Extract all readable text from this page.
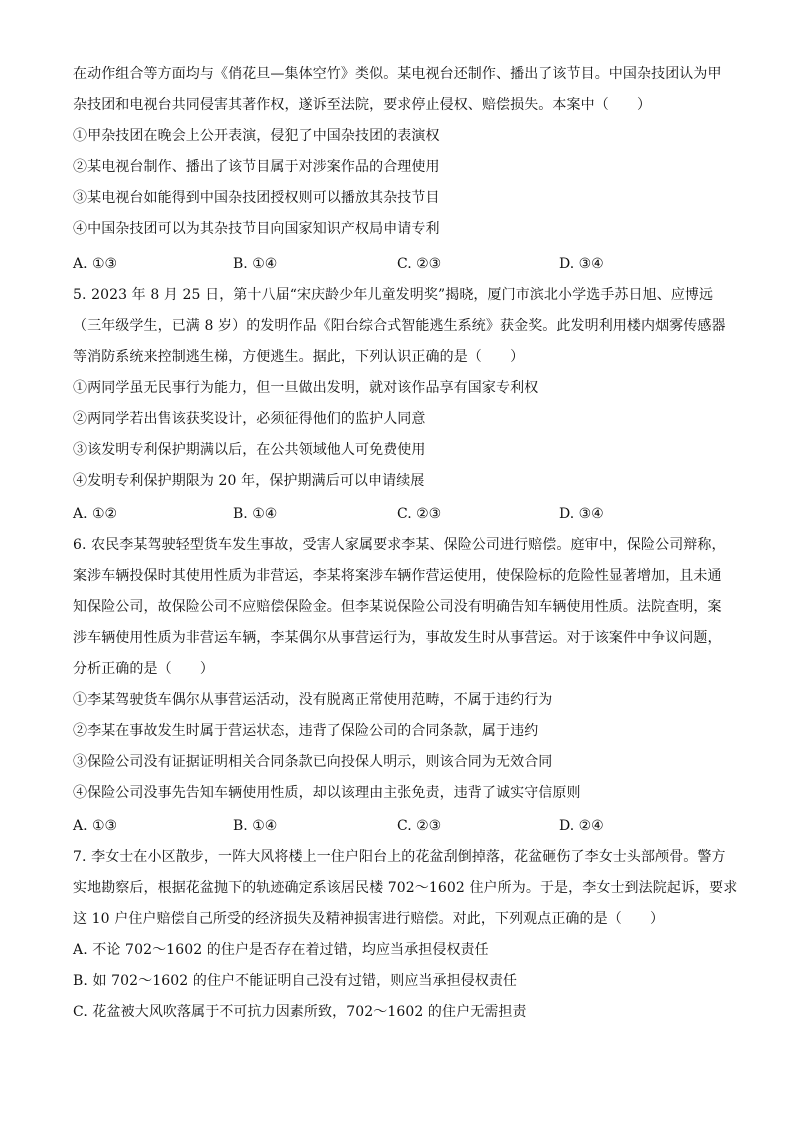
在动作组合等方面均与《俏花旦—集体空竹》类似。某电视台还制作、播出了该节目。中国杂技团认为甲
杂技团和电视台共同侵害其著作权，遂诉至法院，要求停止侵权、赔偿损失。本案中（　　）
①甲杂技团在晚会上公开表演，侵犯了中国杂技团的表演权
②某电视台制作、播出了该节目属于对涉案作品的合理使用
③某电视台如能得到中国杂技团授权则可以播放其杂技节目
④中国杂技团可以为其杂技节目向国家知识产权局申请专利
A. ①③	B. ①④	C. ②③	D. ③④
5. 2023 年 8 月 25 日，第十八届“宋庆龄少年儿童发明奖”揭晓，厦门市滨北小学选手苏日旭、应博远
（三年级学生，已满 8 岁）的发明作品《阳台综合式智能逃生系统》获金奖。此发明利用楼内烟雾传感器
等消防系统来控制逃生梯，方便逃生。据此，下列认识正确的是（　　）
①两同学虽无民事行为能力，但一旦做出发明，就对该作品享有国家专利权
②两同学若出售该获奖设计，必须征得他们的监护人同意
③该发明专利保护期满以后，在公共领域他人可免费使用
④发明专利保护期限为 20 年，保护期满后可以申请续展
A. ①②	B. ①④	C. ②③	D. ③④
6. 农民李某驾驶轻型货车发生事故，受害人家属要求李某、保险公司进行赔偿。庭审中，保险公司辩称，
案涉车辆投保时其使用性质为非营运，李某将案涉车辆作营运使用，使保险标的危险性显著增加，且未通
知保险公司，故保险公司不应赔偿保险金。但李某说保险公司没有明确告知车辆使用性质。法院查明，案
涉车辆使用性质为非营运车辆，李某偶尔从事营运行为，事故发生时从事营运。对于该案件中争议问题，
分析正确的是（　　）
①李某驾驶货车偶尔从事营运活动，没有脱离正常使用范畴，不属于违约行为
②李某在事故发生时属于营运状态，违背了保险公司的合同条款，属于违约
③保险公司没有证据证明相关合同条款已向投保人明示，则该合同为无效合同
④保险公司没事先告知车辆使用性质，却以该理由主张免责，违背了诚实守信原则
A. ①③	B. ①④	C. ②③	D. ②④
7. 李女士在小区散步，一阵大风将楼上一住户阳台上的花盆刮倒掉落，花盆砸伤了李女士头部颅骨。警方
实地勘察后，根据花盆抛下的轨迹确定系该居民楼 702～1602 住户所为。于是，李女士到法院起诉，要求
这 10 户住户赔偿自己所受的经济损失及精神损害进行赔偿。对此，下列观点正确的是（　　）
A. 不论 702～1602 的住户是否存在着过错，均应当承担侵权责任
B. 如 702～1602 的住户不能证明自己没有过错，则应当承担侵权责任
C. 花盆被大风吹落属于不可抗力因素所致，702～1602 的住户无需担责
